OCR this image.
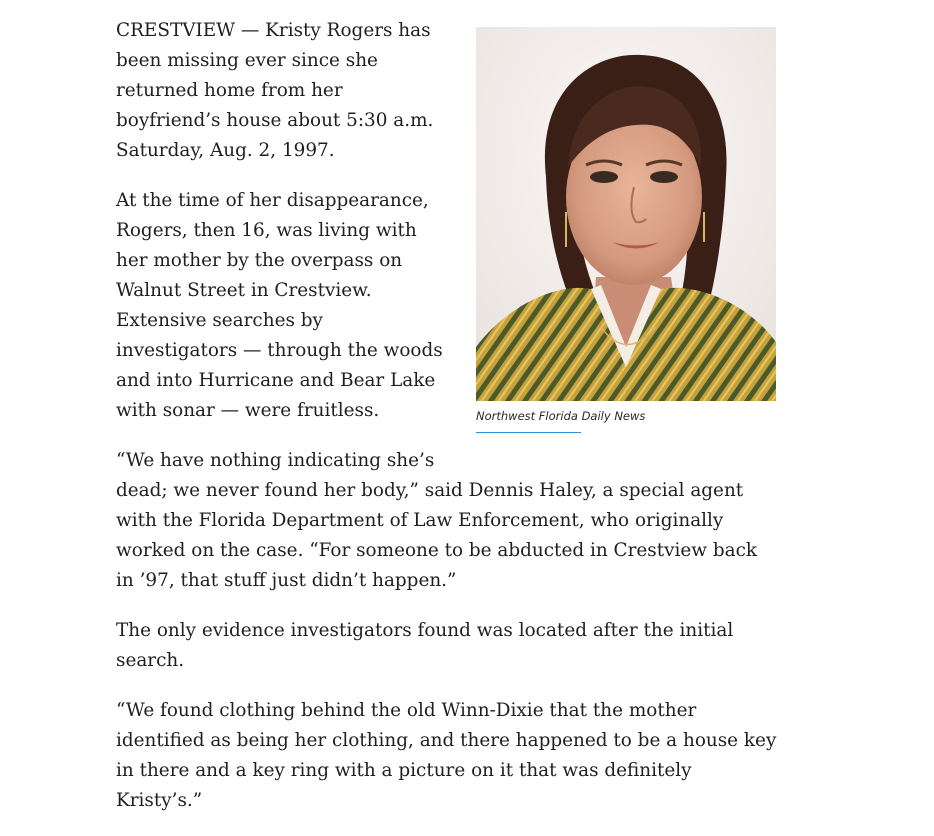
Northwest Florida Daily News

CRESTVIEW — Kristy Rogers has been missing ever since she returned home from her boyfriend’s house about 5:30 a.m. Saturday, Aug. 2, 1997.

At the time of her disappearance, Rogers, then 16, was living with her mother by the overpass on Walnut Street in Crestview. Extensive searches by investigators — through the woods and into Hurricane and Bear Lake with sonar — were fruitless.

“We have nothing indicating she’s dead; we never found her body,” said Dennis Haley, a special agent with the Florida Department of Law Enforcement, who originally worked on the case. “For someone to be abducted in Crestview back in ’97, that stuff just didn’t happen.”

The only evidence investigators found was located after the initial search.

“We found clothing behind the old Winn-Dixie that the mother identified as being her clothing, and there happened to be a house key in there and a key ring with a picture on it that was definitely Kristy’s.”
